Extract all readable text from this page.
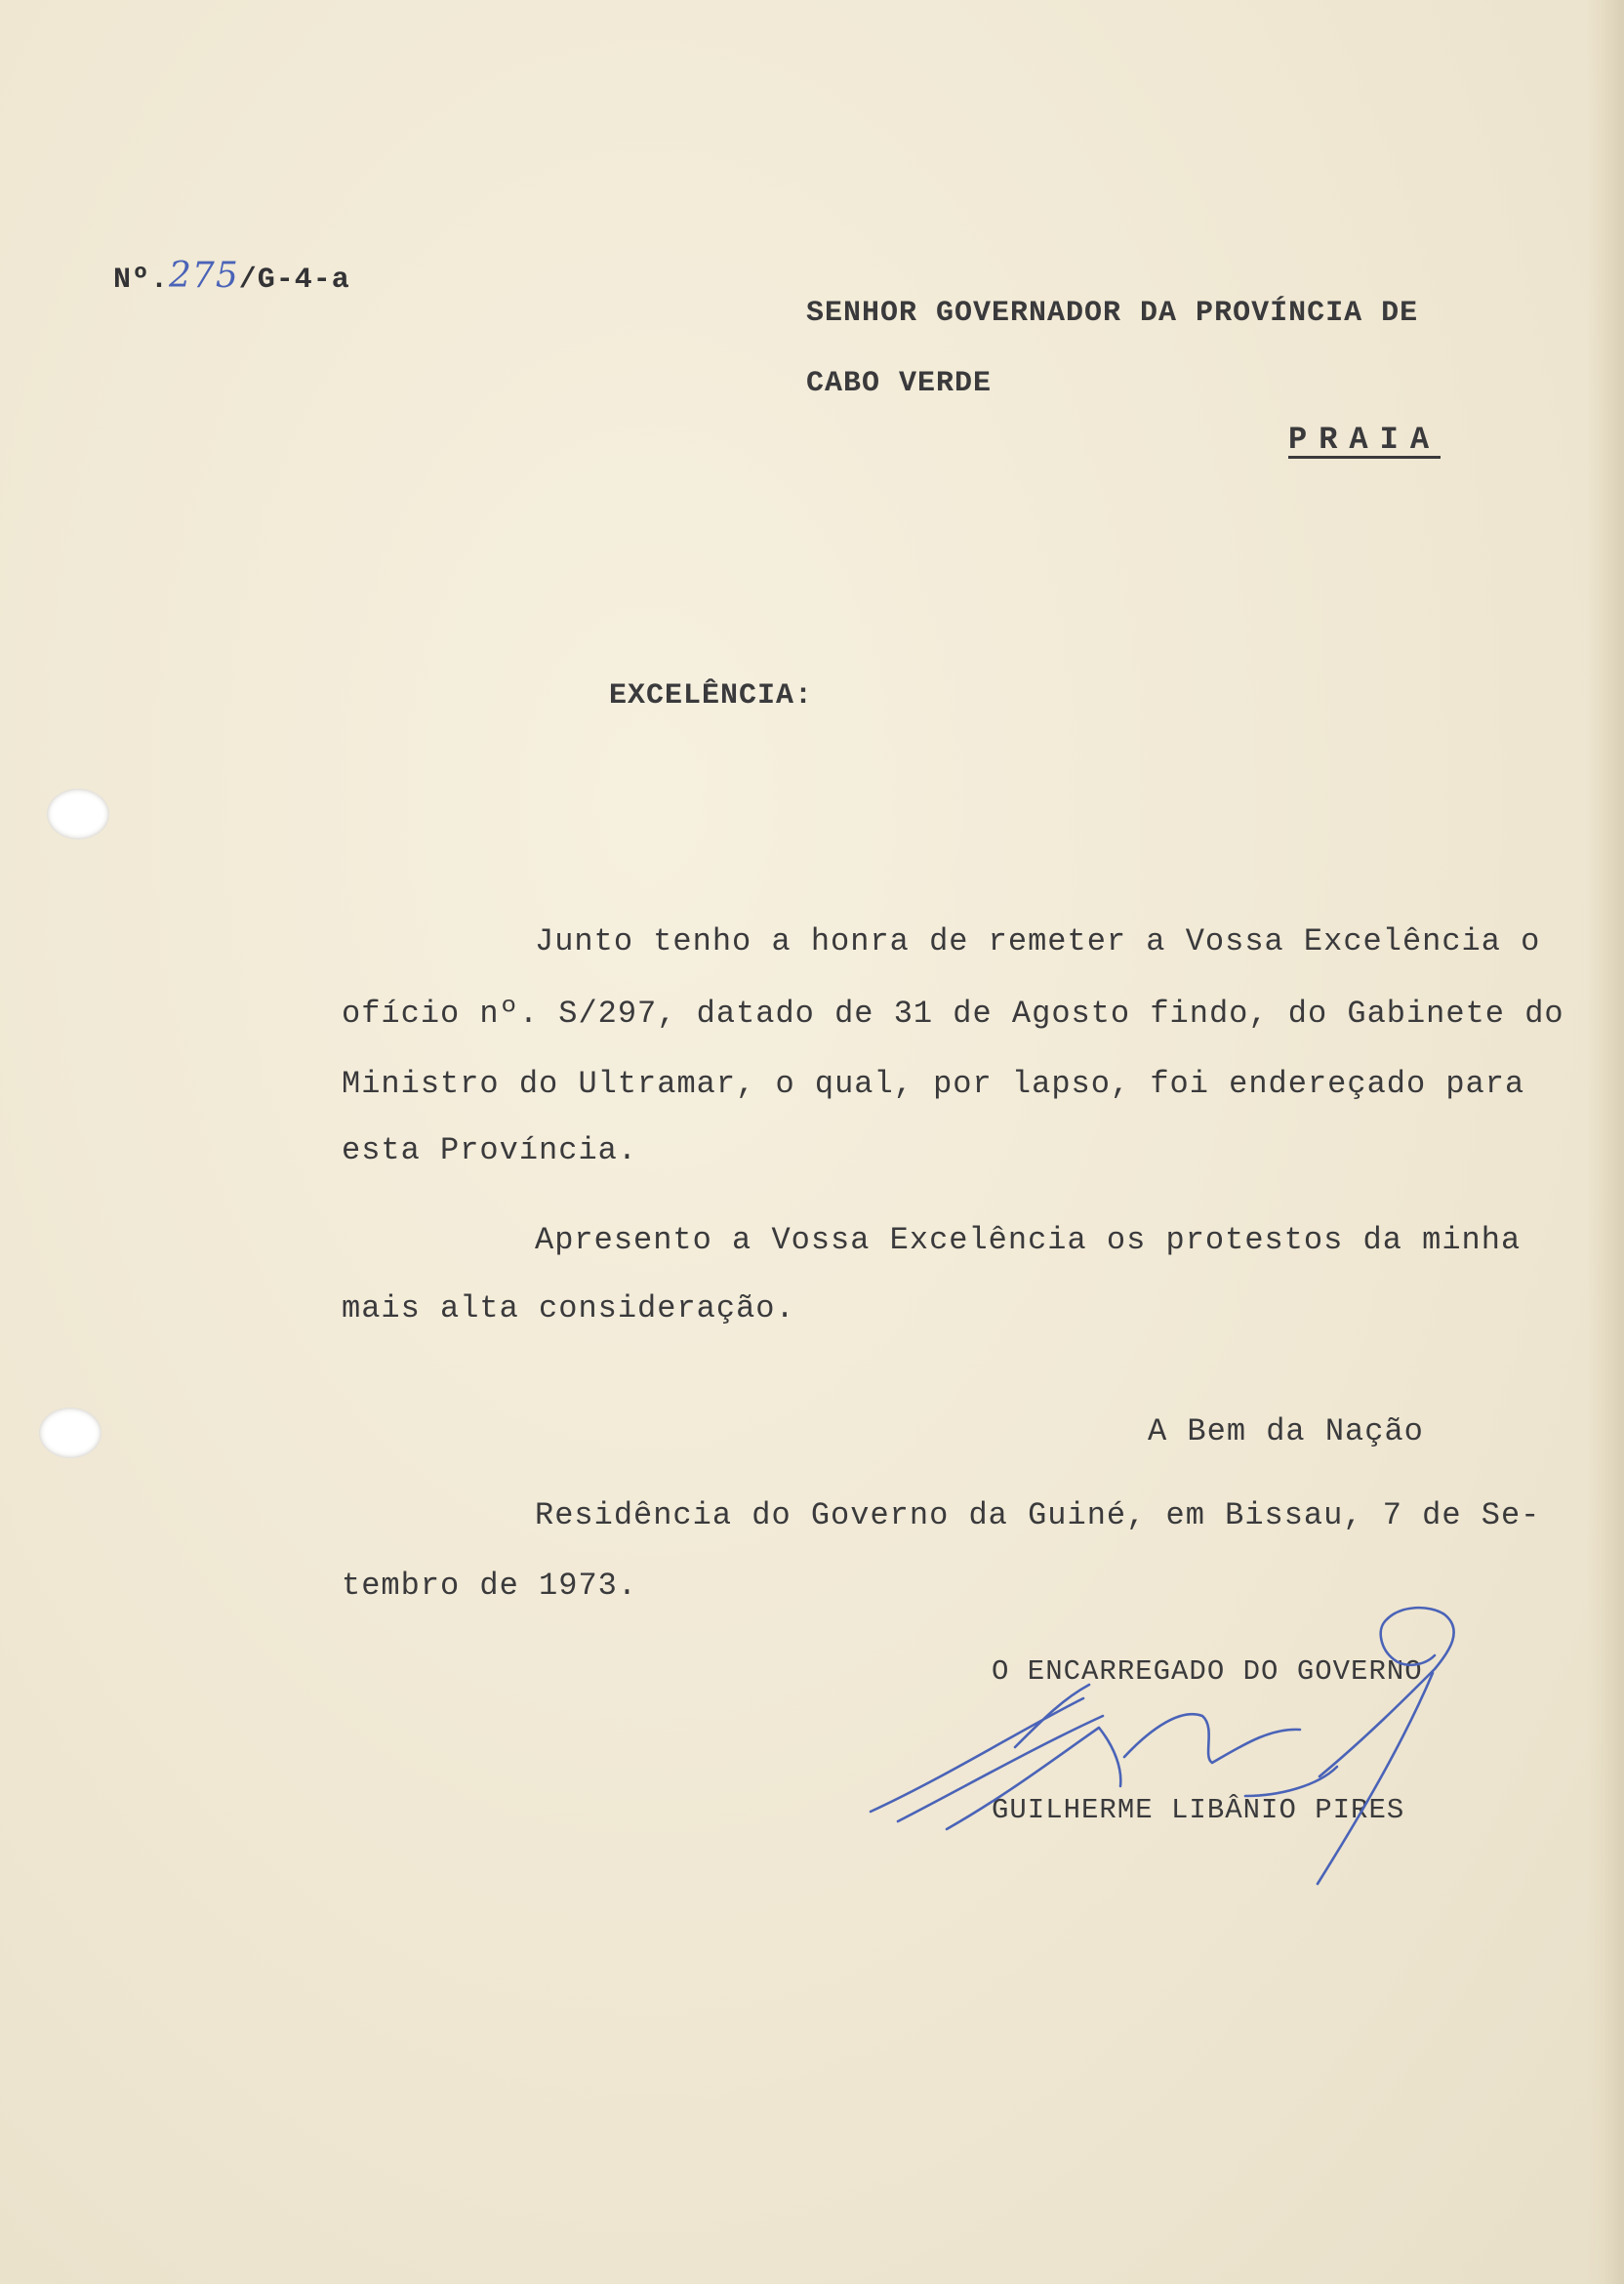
Nº.275/G-4-a
SENHOR GOVERNADOR DA PROVÍNCIA DE
CABO VERDE
PRAIA
EXCELÊNCIA:
Junto tenho a honra de remeter a Vossa Excelência o
ofício nº. S/297, datado de 31 de Agosto findo, do Gabinete do
Ministro do Ultramar, o qual, por lapso, foi endereçado para
esta Província.
Apresento a Vossa Excelência os protestos da minha
mais alta consideração.
A Bem da Nação
Residência do Governo da Guiné, em Bissau, 7 de Se-
tembro de 1973.
O ENCARREGADO DO GOVERNO
GUILHERME LIBÂNIO PIRES
